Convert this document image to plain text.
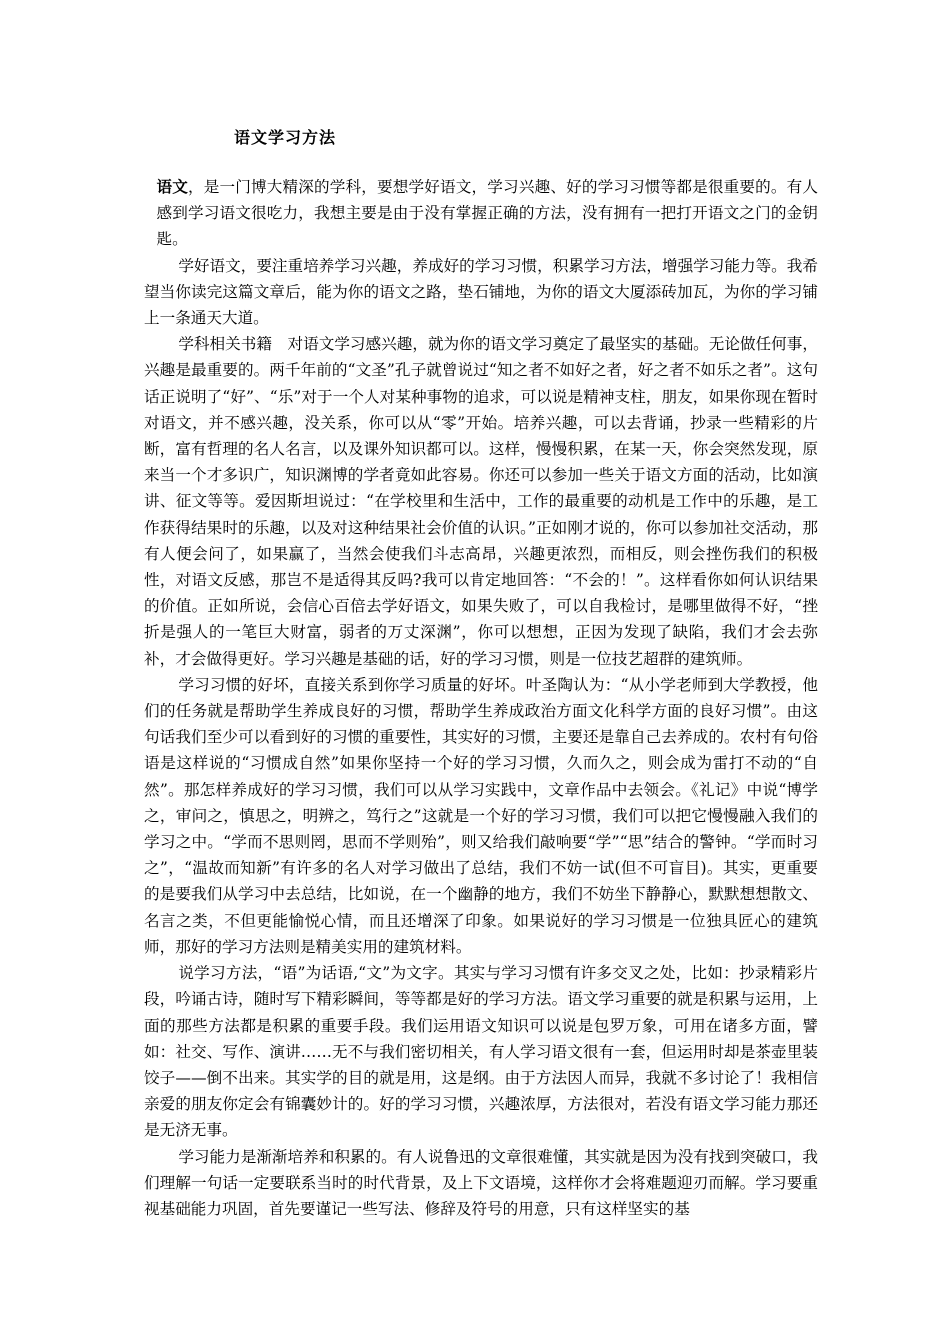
语文学习方法

语文，是一门博大精深的学科，要想学好语文，学习兴趣、好的学习习惯等都是很重要的。有人感到学习语文很吃力，我想主要是由于没有掌握正确的方法，没有拥有一把打开语文之门的金钥匙。

学好语文，要注重培养学习兴趣，养成好的学习习惯，积累学习方法，增强学习能力等。我希望当你读完这篇文章后，能为你的语文之路，垫石铺地，为你的语文大厦添砖加瓦，为你的学习铺上一条通天大道。

学科相关书籍　对语文学习感兴趣，就为你的语文学习奠定了最坚实的基础。无论做任何事，兴趣是最重要的。两千年前的“文圣”孔子就曾说过“知之者不如好之者，好之者不如乐之者”。这句话正说明了“好”、“乐”对于一个人对某种事物的追求，可以说是精神支柱，朋友，如果你现在暂时对语文，并不感兴趣，没关系，你可以从“零”开始。培养兴趣，可以去背诵，抄录一些精彩的片断，富有哲理的名人名言，以及课外知识都可以。这样，慢慢积累，在某一天，你会突然发现，原来当一个才多识广，知识渊博的学者竟如此容易。你还可以参加一些关于语文方面的活动，比如演讲、征文等等。爱因斯坦说过：“在学校里和生活中，工作的最重要的动机是工作中的乐趣，是工作获得结果时的乐趣，以及对这种结果社会价值的认识。”正如刚才说的，你可以参加社交活动，那有人便会问了，如果赢了，当然会使我们斗志高昂，兴趣更浓烈，而相反，则会挫伤我们的积极性，对语文反感，那岂不是适得其反吗?我可以肯定地回答：“不会的！”。这样看你如何认识结果的价值。正如所说，会信心百倍去学好语文，如果失败了，可以自我检讨，是哪里做得不好，“挫折是强人的一笔巨大财富，弱者的万丈深渊”，你可以想想，正因为发现了缺陷，我们才会去弥补，才会做得更好。学习兴趣是基础的话，好的学习习惯，则是一位技艺超群的建筑师。

学习习惯的好坏，直接关系到你学习质量的好坏。叶圣陶认为：“从小学老师到大学教授，他们的任务就是帮助学生养成良好的习惯，帮助学生养成政治方面文化科学方面的良好习惯”。由这句话我们至少可以看到好的习惯的重要性，其实好的习惯，主要还是靠自己去养成的。农村有句俗语是这样说的“习惯成自然”如果你坚持一个好的学习习惯，久而久之，则会成为雷打不动的“自然”。那怎样养成好的学习习惯，我们可以从学习实践中，文章作品中去领会。《礼记》中说“博学之，审问之，慎思之，明辨之，笃行之”这就是一个好的学习习惯，我们可以把它慢慢融入我们的学习之中。“学而不思则罔，思而不学则殆”，则又给我们敲响要“学”“思”结合的警钟。“学而时习之”，“温故而知新”有许多的名人对学习做出了总结，我们不妨一试(但不可盲目)。其实，更重要的是要我们从学习中去总结，比如说，在一个幽静的地方，我们不妨坐下静静心，默默想想散文、名言之类，不但更能愉悦心情，而且还增深了印象。如果说好的学习习惯是一位独具匠心的建筑师，那好的学习方法则是精美实用的建筑材料。

说学习方法，“语”为话语,“文”为文字。其实与学习习惯有许多交叉之处，比如：抄录精彩片段，吟诵古诗，随时写下精彩瞬间，等等都是好的学习方法。语文学习重要的就是积累与运用，上面的那些方法都是积累的重要手段。我们运用语文知识可以说是包罗万象，可用在诸多方面，譬如：社交、写作、演讲……无不与我们密切相关，有人学习语文很有一套，但运用时却是茶壶里装饺子——倒不出来。其实学的目的就是用，这是纲。由于方法因人而异，我就不多讨论了！我相信亲爱的朋友你定会有锦囊妙计的。好的学习习惯，兴趣浓厚，方法很对，若没有语文学习能力那还是无济无事。

学习能力是渐渐培养和积累的。有人说鲁迅的文章很难懂，其实就是因为没有找到突破口，我们理解一句话一定要联系当时的时代背景，及上下文语境，这样你才会将难题迎刃而解。学习要重视基础能力巩固，首先要谨记一些写法、修辞及符号的用意，只有这样坚实的基
